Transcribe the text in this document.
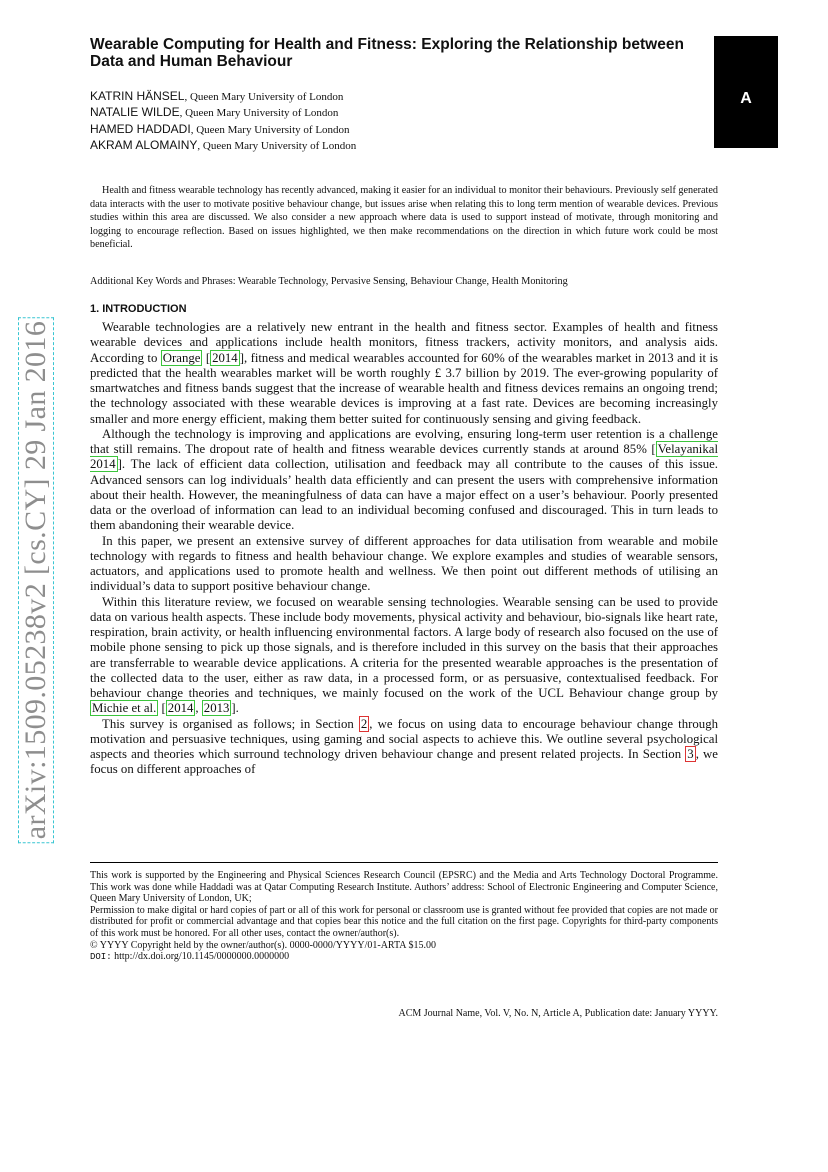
arXiv:1509.05238v2 [cs.CY] 29 Jan 2016
A
Wearable Computing for Health and Fitness: Exploring the Relationship between Data and Human Behaviour
KATRIN HÄNSEL, Queen Mary University of London
NATALIE WILDE, Queen Mary University of London
HAMED HADDADI, Queen Mary University of London
AKRAM ALOMAINY, Queen Mary University of London

Health and fitness wearable technology has recently advanced, making it easier for an individual to monitor their behaviours. Previously self generated data interacts with the user to motivate positive behaviour change, but issues arise when relating this to long term mention of wearable devices. Previous studies within this area are discussed. We also consider a new approach where data is used to support instead of motivate, through monitoring and logging to encourage reflection. Based on issues highlighted, we then make recommendations on the direction in which future work could be most beneficial.

Additional Key Words and Phrases: Wearable Technology, Pervasive Sensing, Behaviour Change, Health Monitoring

1. INTRODUCTION

Wearable technologies are a relatively new entrant in the health and fitness sector. Examples of health and fitness wearable devices and applications include health monitors, fitness trackers, activity monitors, and analysis aids. According to Orange [ 2014 ], fitness and medical wearables accounted for 60% of the wearables market in 2013 and it is predicted that the health wearables market will be worth roughly £ 3.7 billion by 2019. The ever-growing popularity of smartwatches and fitness bands suggest that the increase of wearable health and fitness devices remains an ongoing trend; the technology associated with these wearable devices is improving at a fast rate. Devices are becoming increasingly smaller and more energy efficient, making them better suited for continuously sensing and giving feedback.

Although the technology is improving and applications are evolving, ensuring long-term user retention is a challenge that still remains. The dropout rate of health and fitness wearable devices currently stands at around 85% [ Velayanikal 2014 ]. The lack of efficient data collection, utilisation and feedback may all contribute to the causes of this issue. Advanced sensors can log individuals’ health data efficiently and can present the users with comprehensive information about their health. However, the meaningfulness of data can have a major effect on a user’s behaviour. Poorly presented data or the overload of information can lead to an individual becoming confused and discouraged. This in turn leads to them abandoning their wearable device.

In this paper, we present an extensive survey of different approaches for data utilisation from wearable and mobile technology with regards to fitness and health behaviour change. We explore examples and studies of wearable sensors, actuators, and applications used to promote health and wellness. We then point out different methods of utilising an individual’s data to support positive behaviour change.

Within this literature review, we focused on wearable sensing technologies. Wearable sensing can be used to provide data on various health aspects. These include body movements, physical activity and behaviour, bio-signals like heart rate, respiration, brain activity, or health influencing environmental factors. A large body of research also focused on the use of mobile phone sensing to pick up those signals, and is therefore included in this survey on the basis that their approaches are transferrable to wearable device applications. A criteria for the presented wearable approaches is the presentation of the collected data to the user, either as raw data, in a processed form, or as persuasive, contextualised feedback. For behaviour change theories and techniques, we mainly focused on the work of the UCL Behaviour change group by Michie et al. [ 2014 , 2013 ].

This survey is organised as follows; in Section 2 , we focus on using data to encourage behaviour change through motivation and persuasive techniques, using gaming and social aspects to achieve this. We outline several psychological aspects and theories which surround technology driven behaviour change and present related projects. In Section 3 , we focus on different approaches of

This work is supported by the Engineering and Physical Sciences Research Council (EPSRC) and the Media and Arts Technology Doctoral Programme. This work was done while Haddadi was at Qatar Computing Research Institute. Authors’ address: School of Electronic Engineering and Computer Science, Queen Mary University of London, UK;

Permission to make digital or hard copies of part or all of this work for personal or classroom use is granted without fee provided that copies are not made or distributed for profit or commercial advantage and that copies bear this notice and the full citation on the first page. Copyrights for third-party components of this work must be honored. For all other uses, contact the owner/author(s).

© YYYY Copyright held by the owner/author(s). 0000-0000/YYYY/01-ARTA $15.00

DOI: http://dx.doi.org/10.1145/0000000.0000000

ACM Journal Name, Vol. V, No. N, Article A, Publication date: January YYYY.
